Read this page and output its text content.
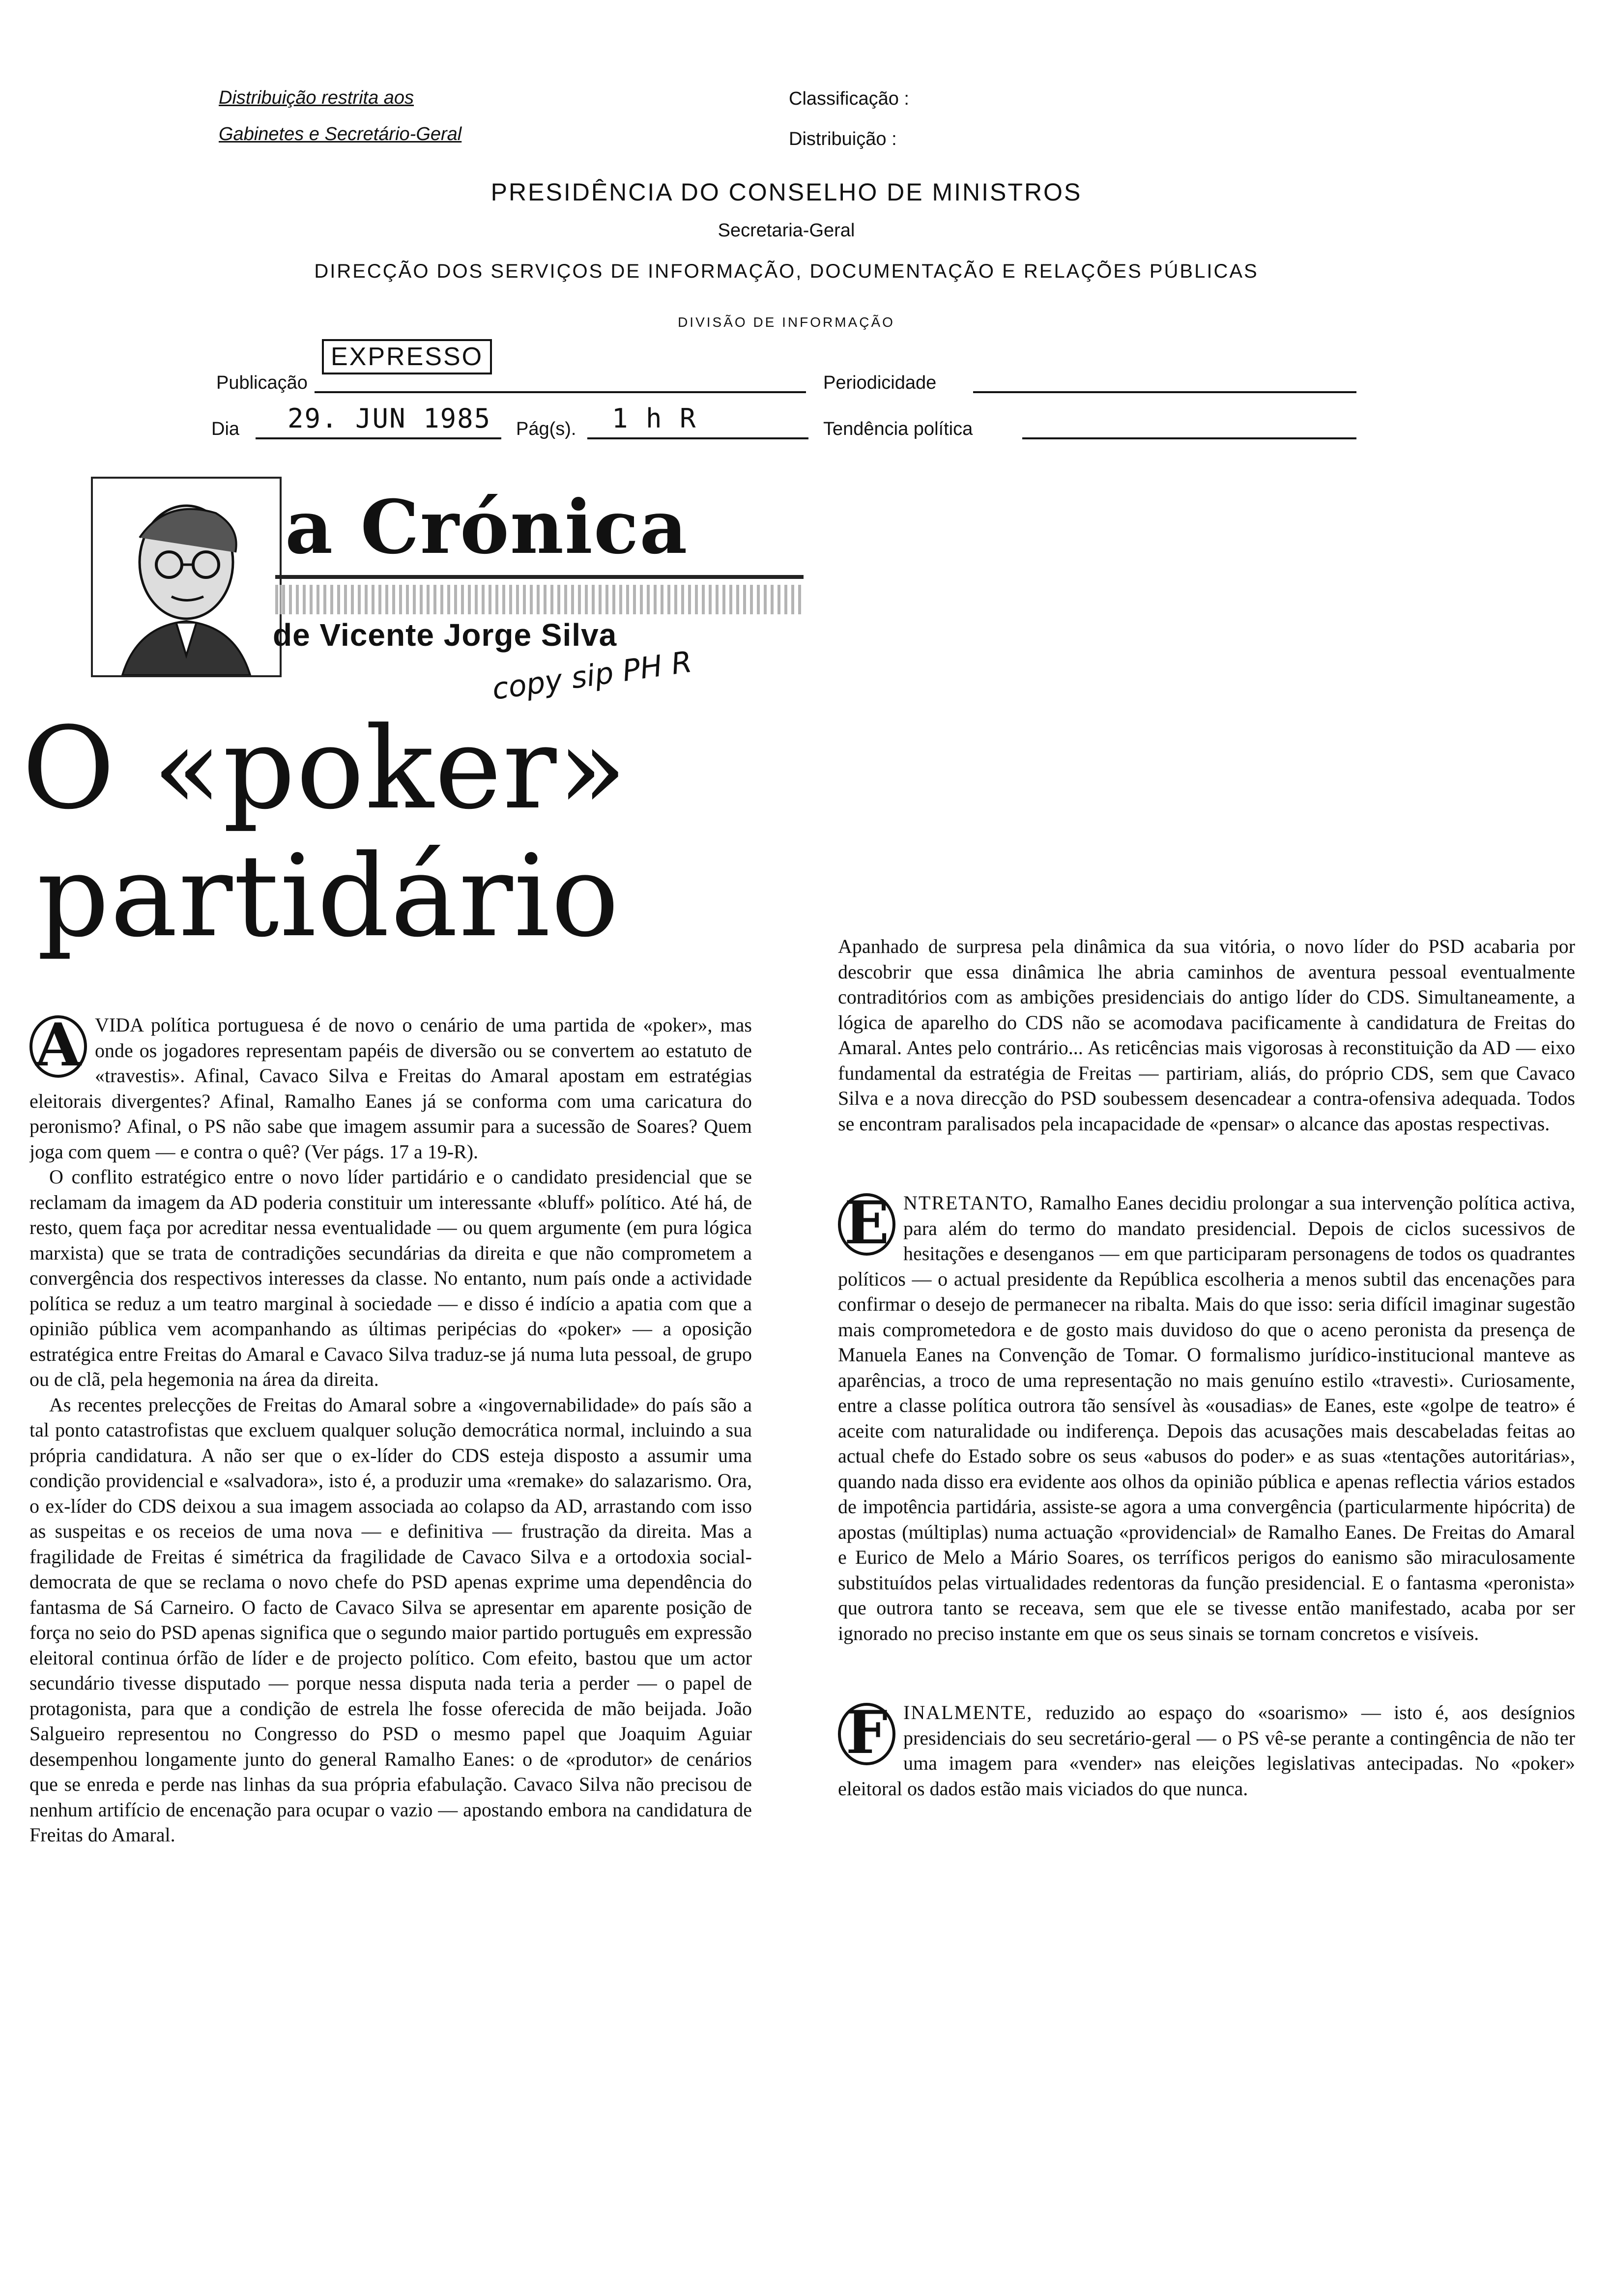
Distribuição restrita aos
Gabinetes e Secretário-Geral
Classificação :
Distribuição :
PRESIDÊNCIA DO CONSELHO DE MINISTROS
Secretaria-Geral
DIRECÇÃO DOS SERVIÇOS DE INFORMAÇÃO, DOCUMENTAÇÃO E RELAÇÕES PÚBLICAS
DIVISÃO DE INFORMAÇÃO
Publicação
EXPRESSO
Periodicidade
Dia 29. JUN 1985 Pág(s). 1 h R	Tendência política
a Crónica
de Vicente Jorge Silva
copy sip PH R
O «poker»
partidário

A VIDA política portuguesa é de novo o cenário de uma partida de «poker», mas onde os jogadores representam papéis de diversão ou se convertem ao estatuto de «travestis». Afinal, Cavaco Silva e Freitas do Amaral apostam em estratégias eleitorais divergentes? Afinal, Ramalho Eanes já se conforma com uma caricatura do peronismo? Afinal, o PS não sabe que imagem assumir para a sucessão de Soares? Quem joga com quem — e contra o quê? (Ver págs. 17 a 19-R).

O conflito estratégico entre o novo líder partidário e o candidato presidencial que se reclamam da imagem da AD poderia constituir um interessante «bluff» político. Até há, de resto, quem faça por acreditar nessa eventualidade — ou quem argumente (em pura lógica marxista) que se trata de contradições secundárias da direita e que não comprometem a convergência dos respectivos interesses da classe. No entanto, num país onde a actividade política se reduz a um teatro marginal à sociedade — e disso é indício a apatia com que a opinião pública vem acompanhando as últimas peripécias do «poker» — a oposição estratégica entre Freitas do Amaral e Cavaco Silva traduz-se já numa luta pessoal, de grupo ou de clã, pela hegemonia na área da direita.

As recentes prelecções de Freitas do Amaral sobre a «ingovernabilidade» do país são a tal ponto catastrofistas que excluem qualquer solução democrática normal, incluindo a sua própria candidatura. A não ser que o ex-líder do CDS esteja disposto a assumir uma condição providencial e «salvadora», isto é, a produzir uma «remake» do salazarismo. Ora, o ex-líder do CDS deixou a sua imagem associada ao colapso da AD, arrastando com isso as suspeitas e os receios de uma nova — e definitiva — frustração da direita. Mas a fragilidade de Freitas é simétrica da fragilidade de Cavaco Silva e a ortodoxia social-democrata de que se reclama o novo chefe do PSD apenas exprime uma dependência do fantasma de Sá Carneiro. O facto de Cavaco Silva se apresentar em aparente posição de força no seio do PSD apenas significa que o segundo maior partido português em expressão eleitoral continua órfão de líder e de projecto político. Com efeito, bastou que um actor secundário tivesse disputado — porque nessa disputa nada teria a perder — o papel de protagonista, para que a condição de estrela lhe fosse oferecida de mão beijada. João Salgueiro representou no Congresso do PSD o mesmo papel que Joaquim Aguiar desempenhou longamente junto do general Ramalho Eanes: o de «produtor» de cenários que se enreda e perde nas linhas da sua própria efabulação. Cavaco Silva não precisou de nenhum artifício de encenação para ocupar o vazio — apostando embora na candidatura de Freitas do Amaral.

Apanhado de surpresa pela dinâmica da sua vitória, o novo líder do PSD acabaria por descobrir que essa dinâmica lhe abria caminhos de aventura pessoal eventualmente contraditórios com as ambições presidenciais do antigo líder do CDS. Simultaneamente, a lógica de aparelho do CDS não se acomodava pacificamente à candidatura de Freitas do Amaral. Antes pelo contrário... As reticências mais vigorosas à reconstituição da AD — eixo fundamental da estratégia de Freitas — partiriam, aliás, do próprio CDS, sem que Cavaco Silva e a nova direcção do PSD soubessem desencadear a contra-ofensiva adequada. Todos se encontram paralisados pela incapacidade de «pensar» o alcance das apostas respectivas.

E NTRETANTO, Ramalho Eanes decidiu prolongar a sua intervenção política activa, para além do termo do mandato presidencial. Depois de ciclos sucessivos de hesitações e desenganos — em que participaram personagens de todos os quadrantes políticos — o actual presidente da República escolheria a menos subtil das encenações para confirmar o desejo de permanecer na ribalta. Mais do que isso: seria difícil imaginar sugestão mais comprometedora e de gosto mais duvidoso do que o aceno peronista da presença de Manuela Eanes na Convenção de Tomar. O formalismo jurídico-institucional manteve as aparências, a troco de uma representação no mais genuíno estilo «travesti». Curiosamente, entre a classe política outrora tão sensível às «ousadias» de Eanes, este «golpe de teatro» é aceite com naturalidade ou indiferença. Depois das acusações mais descabeladas feitas ao actual chefe do Estado sobre os seus «abusos do poder» e as suas «tentações autoritárias», quando nada disso era evidente aos olhos da opinião pública e apenas reflectia vários estados de impotência partidária, assiste-se agora a uma convergência (particularmente hipócrita) de apostas (múltiplas) numa actuação «providencial» de Ramalho Eanes. De Freitas do Amaral e Eurico de Melo a Mário Soares, os terríficos perigos do eanismo são miraculosamente substituídos pelas virtualidades redentoras da função presidencial. E o fantasma «peronista» que outrora tanto se receava, sem que ele se tivesse então manifestado, acaba por ser ignorado no preciso instante em que os seus sinais se tornam concretos e visíveis.

F INALMENTE, reduzido ao espaço do «soarismo» — isto é, aos desígnios presidenciais do seu secretário-geral — o PS vê-se perante a contingência de não ter uma imagem para «vender» nas eleições legislativas antecipadas. No «poker» eleitoral os dados estão mais viciados do que nunca.
